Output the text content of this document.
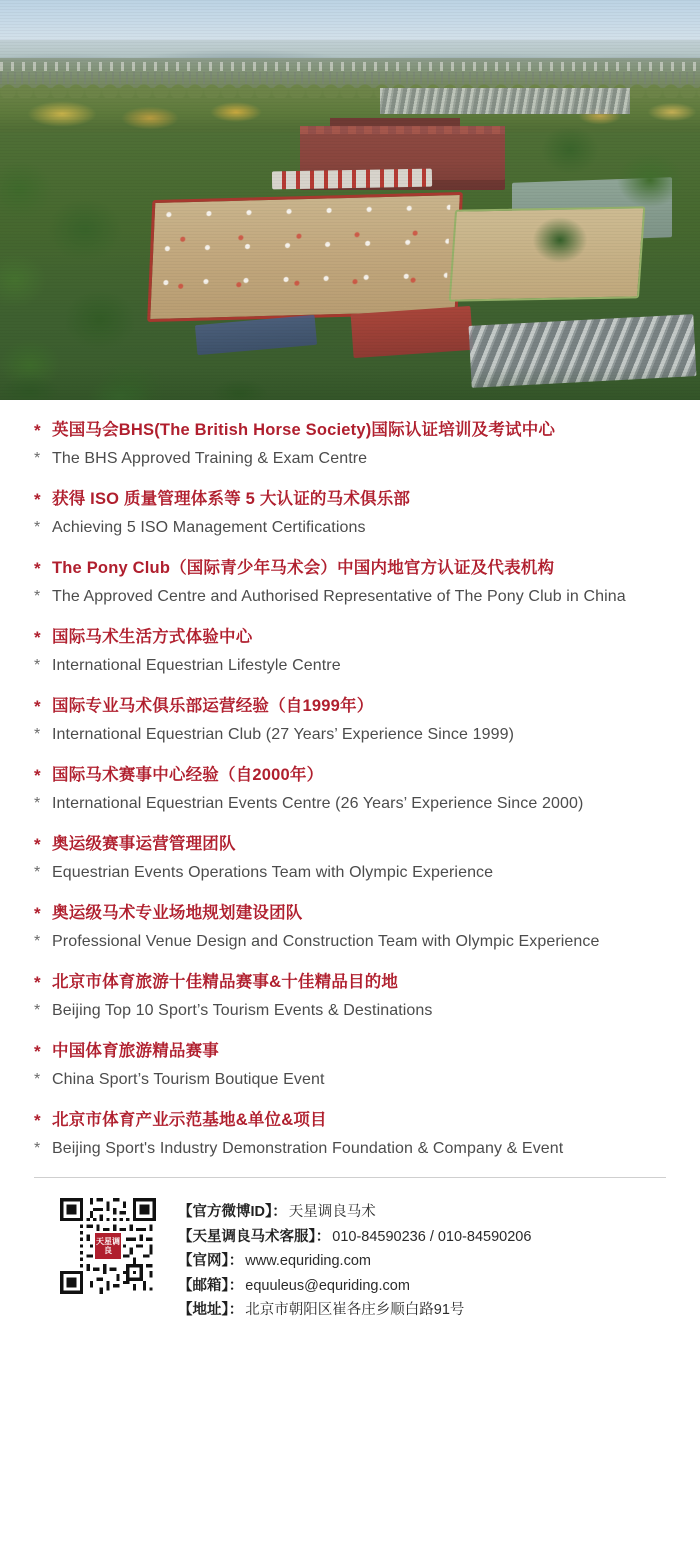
* 英国马会BHS(The British Horse Society)国际认证培训及考试中心
* The BHS Approved Training & Exam Centre
* 获得 ISO 质量管理体系等 5 大认证的马术俱乐部
* Achieving 5 ISO Management Certifications
* The Pony Club（国际青少年马术会）中国内地官方认证及代表机构
* The Approved Centre and Authorised Representative of The Pony Club in China
* 国际马术生活方式体验中心
* International Equestrian Lifestyle Centre
* 国际专业马术俱乐部运营经验（自1999年）
* International Equestrian Club (27 Years’ Experience Since 1999)
* 国际马术赛事中心经验（自2000年）
* International Equestrian Events Centre (26 Years’ Experience Since 2000)
* 奥运级赛事运营管理团队
* Equestrian Events Operations Team with Olympic Experience
* 奥运级马术专业场地规划建设团队
* Professional Venue Design and Construction Team with Olympic Experience
* 北京市体育旅游十佳精品赛事&十佳精品目的地
* Beijing Top 10 Sport’s Tourism Events & Destinations
* 中国体育旅游精品赛事
* China Sport’s Tourism Boutique Event
* 北京市体育产业示范基地&单位&项目
* Beijing Sport's Industry Demonstration Foundation & Company & Event
天星调良
【官方微博ID】： 天星调良马术
【天星调良马术客服】： 010-84590236 / 010-84590206
【官网】： www.equriding.com
【邮箱】： equuleus@equriding.com
【地址】： 北京市朝阳区崔各庄乡顺白路91号
